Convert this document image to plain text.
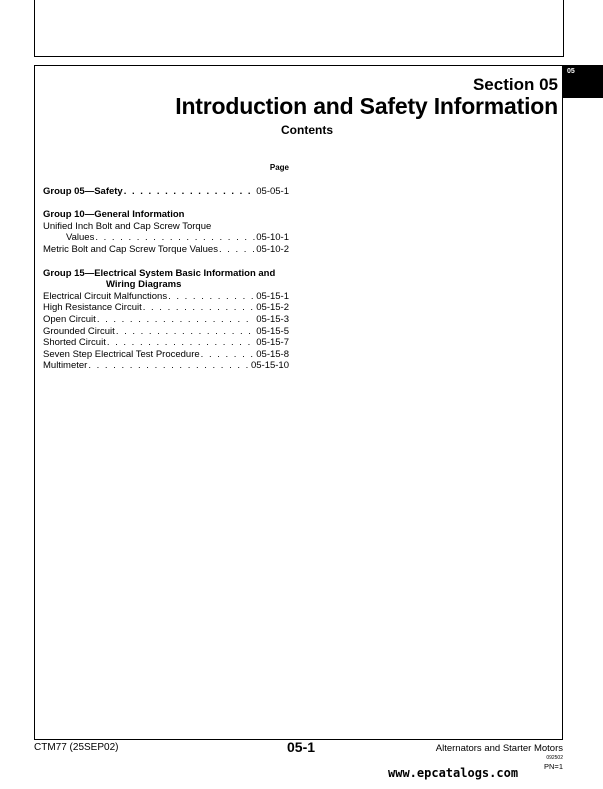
05
Section 05
Introduction and Safety Information
Contents
Page
Group 05—Safety . . .	05-05-1
Group 10—General Information
Unified Inch Bolt and Cap Screw Torque
Values . . .	05-10-1
Metric Bolt and Cap Screw Torque Values . . .	05-10-2
Group 15—Electrical System Basic Information and
Wiring Diagrams
Electrical Circuit Malfunctions . . .	05-15-1
High Resistance Circuit . . .	05-15-2
Open Circuit . . .	05-15-3
Grounded Circuit . . .	05-15-5
Shorted Circuit . . .	05-15-7
Seven Step Electrical Test Procedure . . .	05-15-8
Multimeter . . .	05-15-10
CTM77 (25SEP02)	05-1	Alternators and Starter Motors
092502
PN=1
www.epcatalogs.com
